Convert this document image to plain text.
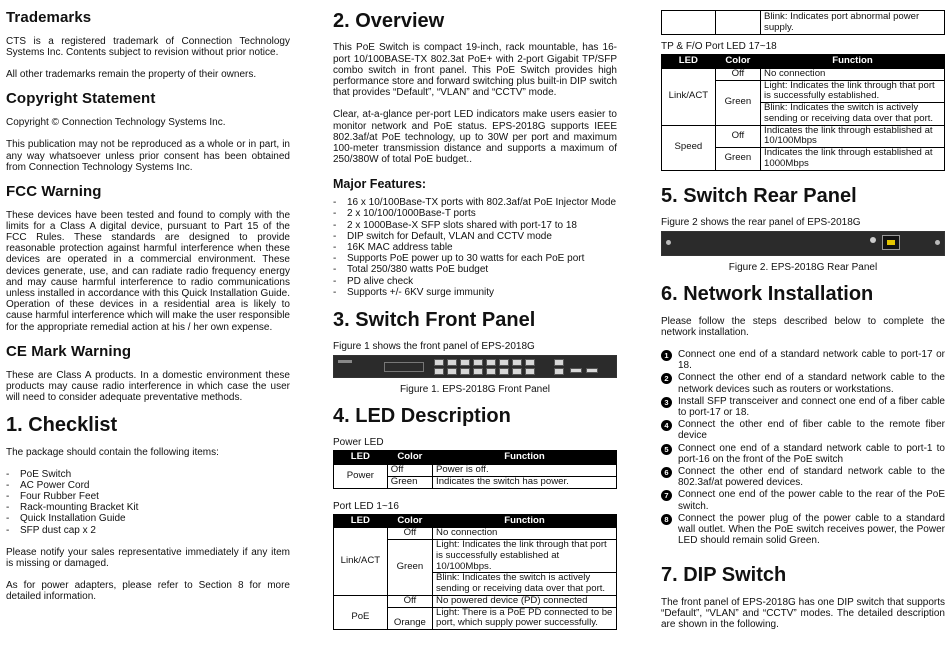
Trademarks

CTS is a registered trademark of Connection Technology Systems Inc. Contents subject to revision without prior notice.

All other trademarks remain the property of their owners.

Copyright Statement

Copyright © Connection Technology Systems Inc.

This publication may not be reproduced as a whole or in part, in any way whatsoever unless prior consent has been obtained from Connection Technology Systems Inc.

FCC Warning

These devices have been tested and found to comply with the limits for a Class A digital device, pursuant to Part 15 of the FCC Rules. These standards are designed to provide reasonable protection against harmful interference when these devices are operated in a commercial environment. These devices generate, use, and can radiate radio frequency energy and may cause harmful interference to radio communications unless installed in accordance with this Quick Installation Guide. Operation of these devices in a residential area is likely to cause harmful interference which will make the user responsible for the appropriate remedial action at his / her own expense.

CE Mark Warning

These are Class A products. In a domestic environment these products may cause radio interference in which case the user will need to consider adequate preventative methods.

1. Checklist

The package should contain the following items:

- PoE Switch
- AC Power Cord
- Four Rubber Feet
- Rack-mounting Bracket Kit
- Quick Installation Guide
- SFP dust cap x 2

Please notify your sales representative immediately if any item is missing or damaged.

As for power adapters, please refer to Section 8 for more detailed information.

2. Overview

This PoE Switch is compact 19-inch, rack mountable, has 16-port 10/100BASE-TX 802.3at PoE+ with 2-port Gigabit TP/SFP combo switch in front panel. This PoE Switch provides high performance store and forward switching plus built-in DIP switch that provides “Default”, “VLAN” and “CCTV” mode.

Clear, at-a-glance per-port LED indicators make users easier to monitor network and PoE status. EPS-2018G supports IEEE 802.3af/at PoE technology, up to 30W per port and maximum 100-meter transmission distance and supports a maximum of 250/380W of total PoE budget..

Major Features:
- 16 x 10/100Base-TX ports with 802.3af/at PoE Injector Mode
- 2 x 10/100/1000Base-T ports
- 2 x 1000Base-X SFP slots shared with port-17 to 18
- DIP switch for Default, VLAN and CCTV mode
- 16K MAC address table
- Supports PoE power up to 30 watts for each PoE port
- Total 250/380 watts PoE budget
- PD alive check
- Supports +/- 6KV surge immunity
3. Switch Front Panel

Figure 1 shows the front panel of EPS-2018G

Figure 1. EPS-2018G Front Panel

4. LED Description

Power LED

LED	Color	Function
Power	Off	Power is off.
	Green	Indicates the switch has power.

Port LED 1~16

LED	Color	Function
Link/ACT	Off	No connection
	Green	Light: Indicates the link through that port is successfully established at 10/100Mbps.
		Blink: Indicates the switch is actively sending or receiving data over that port.
PoE	Off	No powered device (PD) connected
	Orange	Light: There is a PoE PD connected to be port, which supply power successfully.
		Blink: Indicates port abnormal power supply.

TP & F/O Port LED 17~18

LED	Color	Function
Link/ACT	Off	No connection
	Green	Light: Indicates the link through that port is successfully established.
		Blink: Indicates the switch is actively sending or receiving data over that port.
Speed	Off	Indicates the link through established at 10/100Mbps
	Green	Indicates the link through established at 1000Mbps
5. Switch Rear Panel

Figure 2 shows the rear panel of EPS-2018G

Figure 2. EPS-2018G Rear Panel

6. Network Installation

Please follow the steps described below to complete the network installation.

1 Connect one end of a standard network cable to port-17 or 18.
2 Connect the other end of a standard network cable to the network devices such as routers or workstations.
3 Install SFP transceiver and connect one end of a fiber cable to port-17 or 18.
4 Connect the other end of fiber cable to the remote fiber device
5 Connect one end of a standard network cable to port-1 to port-16 on the front of the PoE switch
6 Connect the other end of standard network cable to the 802.3af/at powered devices.
7 Connect one end of the power cable to the rear of the PoE switch.
8 Connect the power plug of the power cable to a standard wall outlet. When the PoE switch receives power, the Power LED should remain solid Green.
7. DIP Switch

The front panel of EPS-2018G has one DIP switch that supports “Default”, “VLAN” and “CCTV” modes. The detailed description are shown in the following.
